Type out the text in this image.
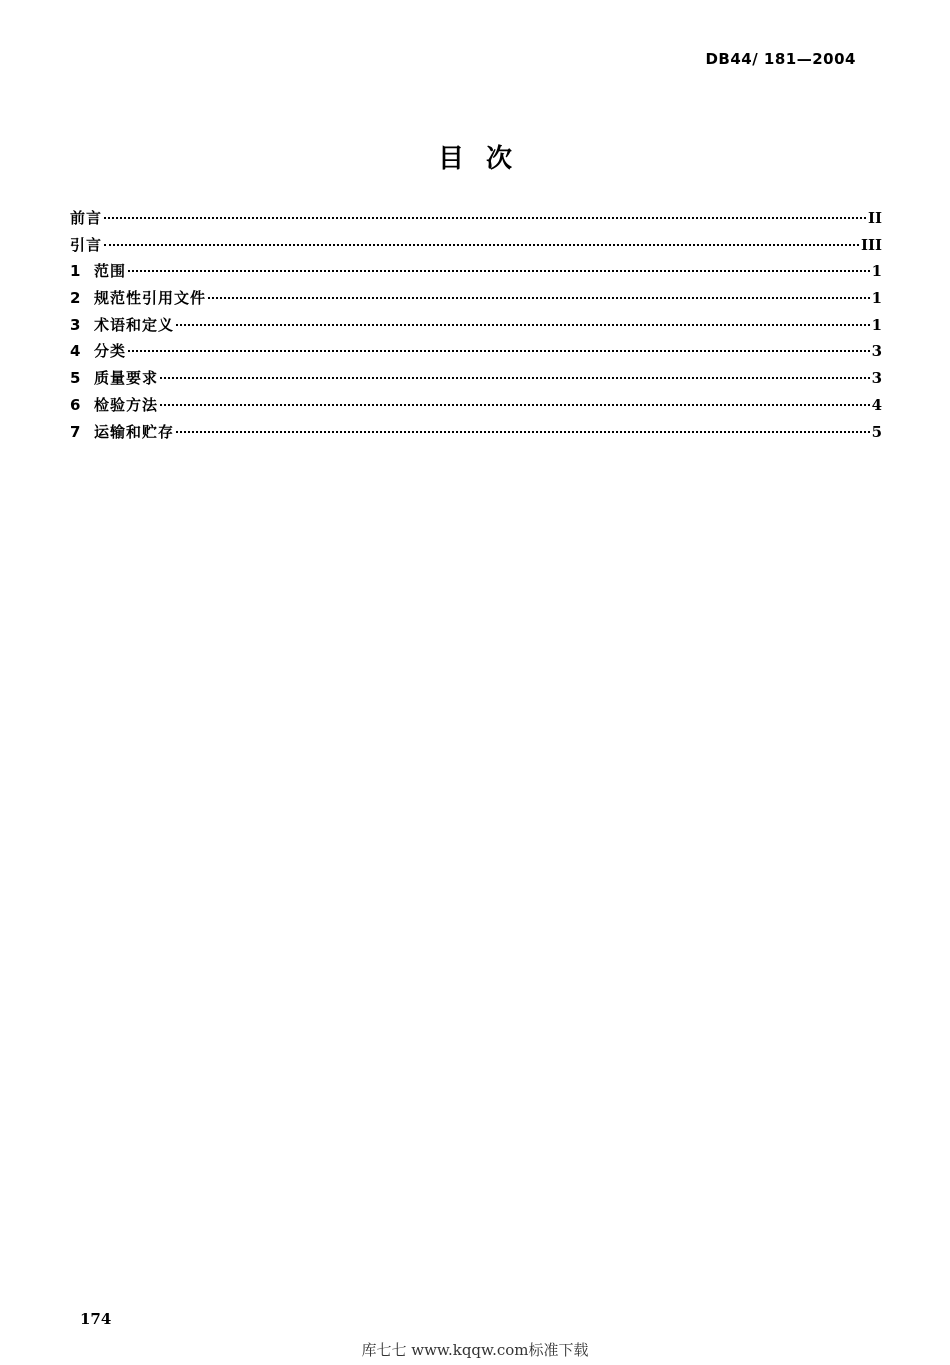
DB44/ 181—2004
目次
前言	II
引言	III
1 范围	1
2 规范性引用文件	1
3 术语和定义	1
4 分类	3
5 质量要求	3
6 检验方法	4
7 运输和贮存	5
174
库七七 www.kqqw.com标准下载
